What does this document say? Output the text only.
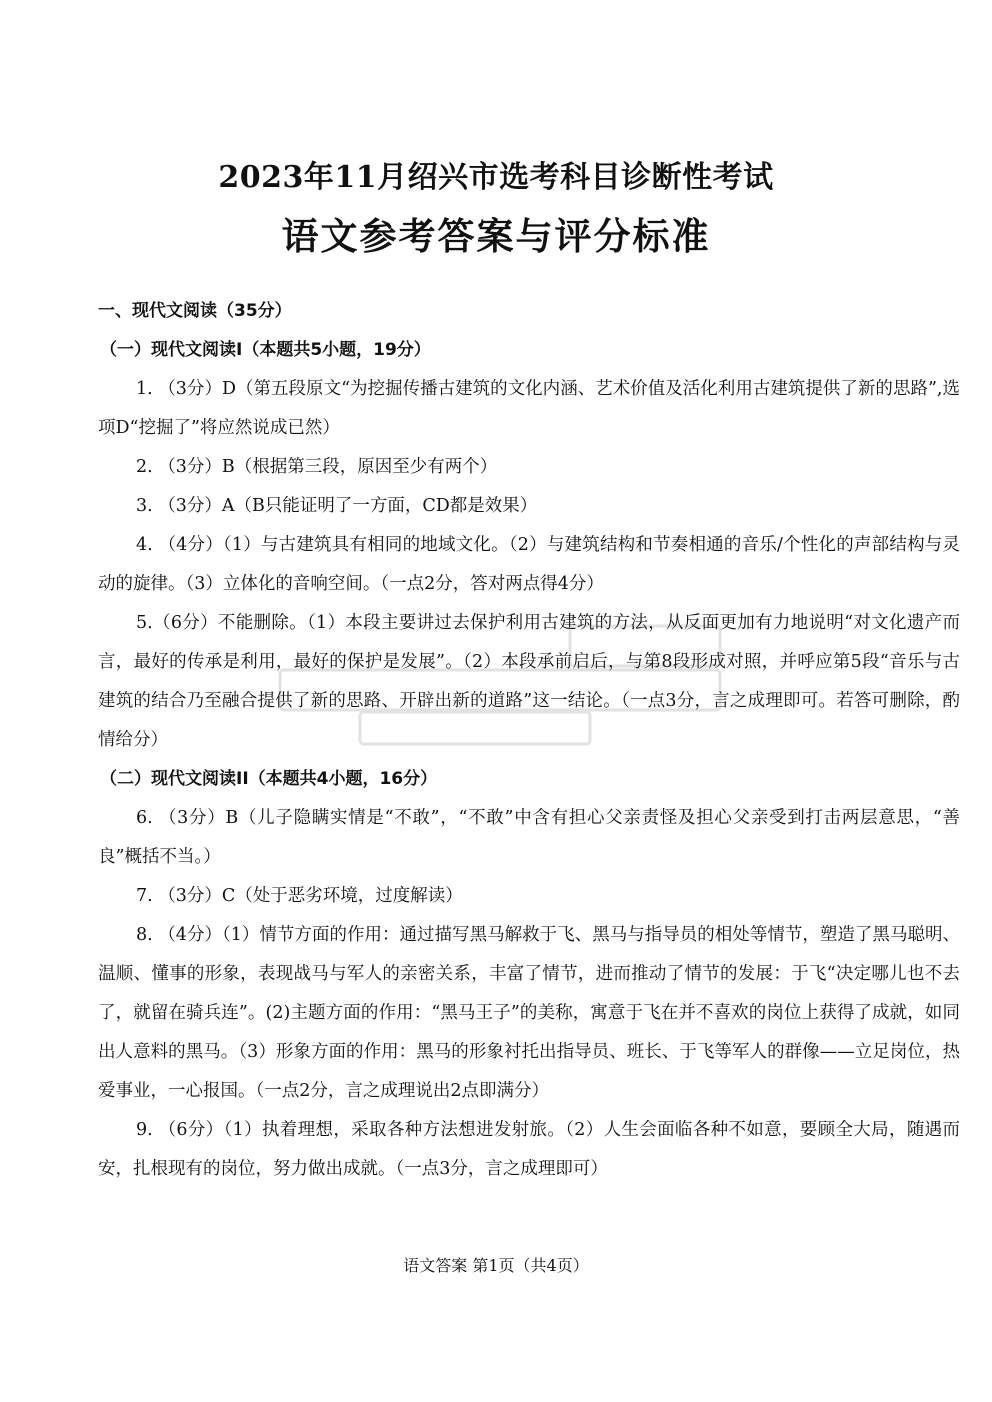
2023年11月绍兴市选考科目诊断性考试
语文参考答案与评分标准

一、现代文阅读（35分）

（一）现代文阅读I（本题共5小题，19分）

1. （3分）D（第五段原文“为挖掘传播古建筑的文化内涵、艺术价值及活化利用古建筑提供了新的思路”,选项D“挖掘了”将应然说成已然）

2. （3分）B（根据第三段，原因至少有两个）

3. （3分）A（B只能证明了一方面，CD都是效果）

4. （4分）（1）与古建筑具有相同的地域文化。（2）与建筑结构和节奏相通的音乐/个性化的声部结构与灵动的旋律。（3）立体化的音响空间。（一点2分，答对两点得4分）

5.（6分）不能删除。（1）本段主要讲过去保护利用古建筑的方法，从反面更加有力地说明“对文化遗产而言，最好的传承是利用，最好的保护是发展”。（2）本段承前启后，与第8段形成对照，并呼应第5段“音乐与古建筑的结合乃至融合提供了新的思路、开辟出新的道路”这一结论。（一点3分，言之成理即可。若答可删除，酌情给分）

（二）现代文阅读II（本题共4小题，16分）

6. （3分）B（儿子隐瞒实情是“不敢”，“不敢”中含有担心父亲责怪及担心父亲受到打击两层意思，“善良”概括不当。）

7. （3分）C（处于恶劣环境，过度解读）

8. （4分）（1）情节方面的作用：通过描写黑马解救于飞、黑马与指导员的相处等情节，塑造了黑马聪明、温顺、懂事的形象，表现战马与军人的亲密关系，丰富了情节，进而推动了情节的发展：于飞“决定哪儿也不去了，就留在骑兵连”。(2)主题方面的作用：“黑马王子”的美称，寓意于飞在并不喜欢的岗位上获得了成就，如同出人意料的黑马。（3）形象方面的作用：黑马的形象衬托出指导员、班长、于飞等军人的群像——立足岗位，热爱事业，一心报国。（一点2分，言之成理说出2点即满分）

9. （6分）（1）执着理想，采取各种方法想进发射旅。（2）人生会面临各种不如意，要顾全大局，随遇而安，扎根现有的岗位，努力做出成就。（一点3分，言之成理即可）

语文答案 第1页（共4页）
